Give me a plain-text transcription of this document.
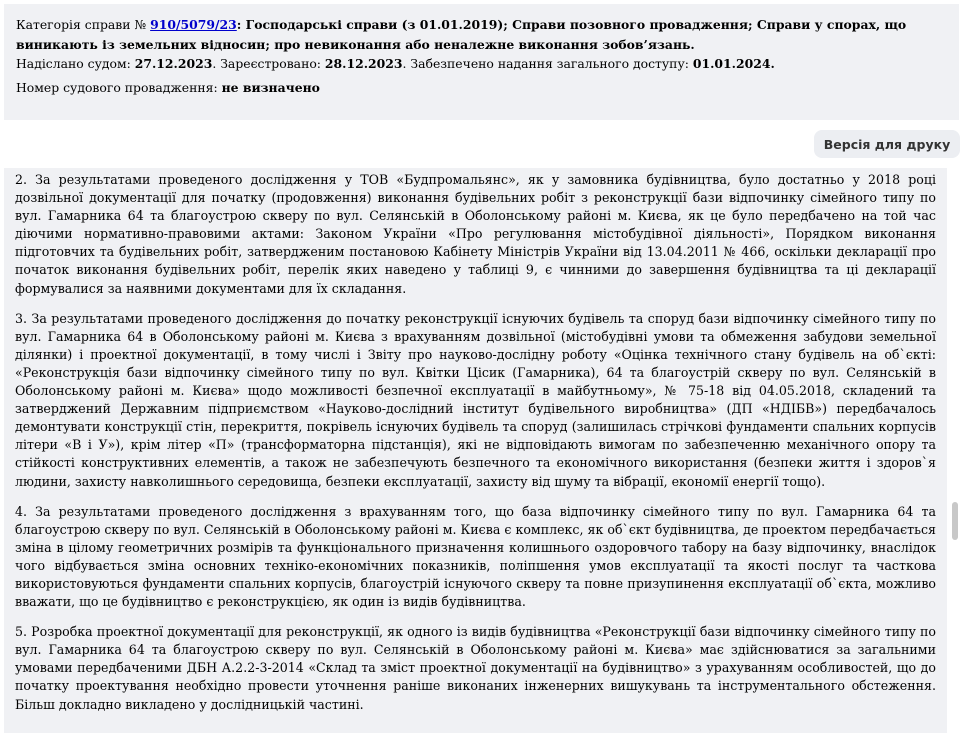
Категорія справи № 910/5079/23: Господарські справи (з 01.01.2019); Справи позовного провадження; Справи у спорах, що виникають із земельних відносин; про невиконання або неналежне виконання зобов’язань.

Надіслано судом: 27.12.2023. Зареєстровано: 28.12.2023. Забезпечено надання загального доступу: 01.01.2024.

Номер судового провадження: не визначено

Версія для друку

2. За результатами проведеного дослідження у ТОВ «Будпромальянс», як у замовника будівництва, було достатньо у 2018 році дозвільної документації для початку (продовження) виконання будівельних робіт з реконструкції бази відпочинку сімейного типу по вул. Гамарника 64 та благоустрою скверу по вул. Селянській в Оболонському районі м. Києва, як це було передбачено на той час діючими нормативно-правовими актами: Законом України «Про регулювання містобудівної діяльності», Порядком виконання підготовчих та будівельних робіт, затвердженим постановою Кабінету Міністрів України від 13.04.2011 № 466, оскільки декларації про початок виконання будівельних робіт, перелік яких наведено у таблиці 9, є чинними до завершення будівництва та ці декларації формувалися за наявними документами для їх складання.

3. За результатами проведеного дослідження до початку реконструкції існуючих будівель та споруд бази відпочинку сімейного типу по вул. Гамарника 64 в Оболонському районі м. Києва з врахуванням дозвільної (містобудівні умови та обмеження забудови земельної ділянки) і проектної документації, в тому числі і Звіту про науково-дослідну роботу «Оцінка технічного стану будівель на об`єкті: «Реконструкція бази відпочинку сімейного типу по вул. Квітки Цісик (Гамарника), 64 та благоустрій скверу по вул. Селянській в Оболонському районі м. Києва» щодо можливості безпечної експлуатації в майбутньому», № 75-18 від 04.05.2018, складений та затверджений Державним підприємством «Науково-дослідний інститут будівельного виробництва» (ДП «НДІБВ») передбачалось демонтувати конструкції стін, перекриття, покрівель існуючих будівель та споруд (залишилась стрічкові фундаменти спальних корпусів літери «В і У»), крім літер «П» (трансформаторна підстанція), які не відповідають вимогам по забезпеченню механічного опору та стійкості конструктивних елементів, а також не забезпечують безпечного та економічного використання (безпеки життя і здоров`я людини, захисту навколишнього середовища, безпеки експлуатації, захисту від шуму та вібрації, економії енергії тощо).

4. За результатами проведеного дослідження з врахуванням того, що база відпочинку сімейного типу по вул. Гамарника 64 та благоустрою скверу по вул. Селянській в Оболонському районі м. Києва є комплекс, як об`єкт будівництва, де проектом передбачається зміна в цілому геометричних розмірів та функціонального призначення колишнього оздоровчого табору на базу відпочинку, внаслідок чого відбувається зміна основних техніко-економічних показників, поліпшення умов експлуатації та якості послуг та часткова використовуються фундаменти спальних корпусів, благоустрій існуючого скверу та повне призупинення експлуатації об`єкта, можливо вважати, що це будівництво є реконструкцією, як один із видів будівництва.

5. Розробка проектної документації для реконструкції, як одного із видів будівництва «Реконструкції бази відпочинку сімейного типу по вул. Гамарника 64 та благоустрою скверу по вул. Селянській в Оболонському районі м. Києва» має здійснюватися за загальними умовами передбаченими ДБН А.2.2-3-2014 «Склад та зміст проектної документації на будівництво» з урахуванням особливостей, що до початку проектування необхідно провести уточнення раніше виконаних інженерних вишукувань та інструментального обстеження. Більш докладно викладено у дослідницькій частині.
